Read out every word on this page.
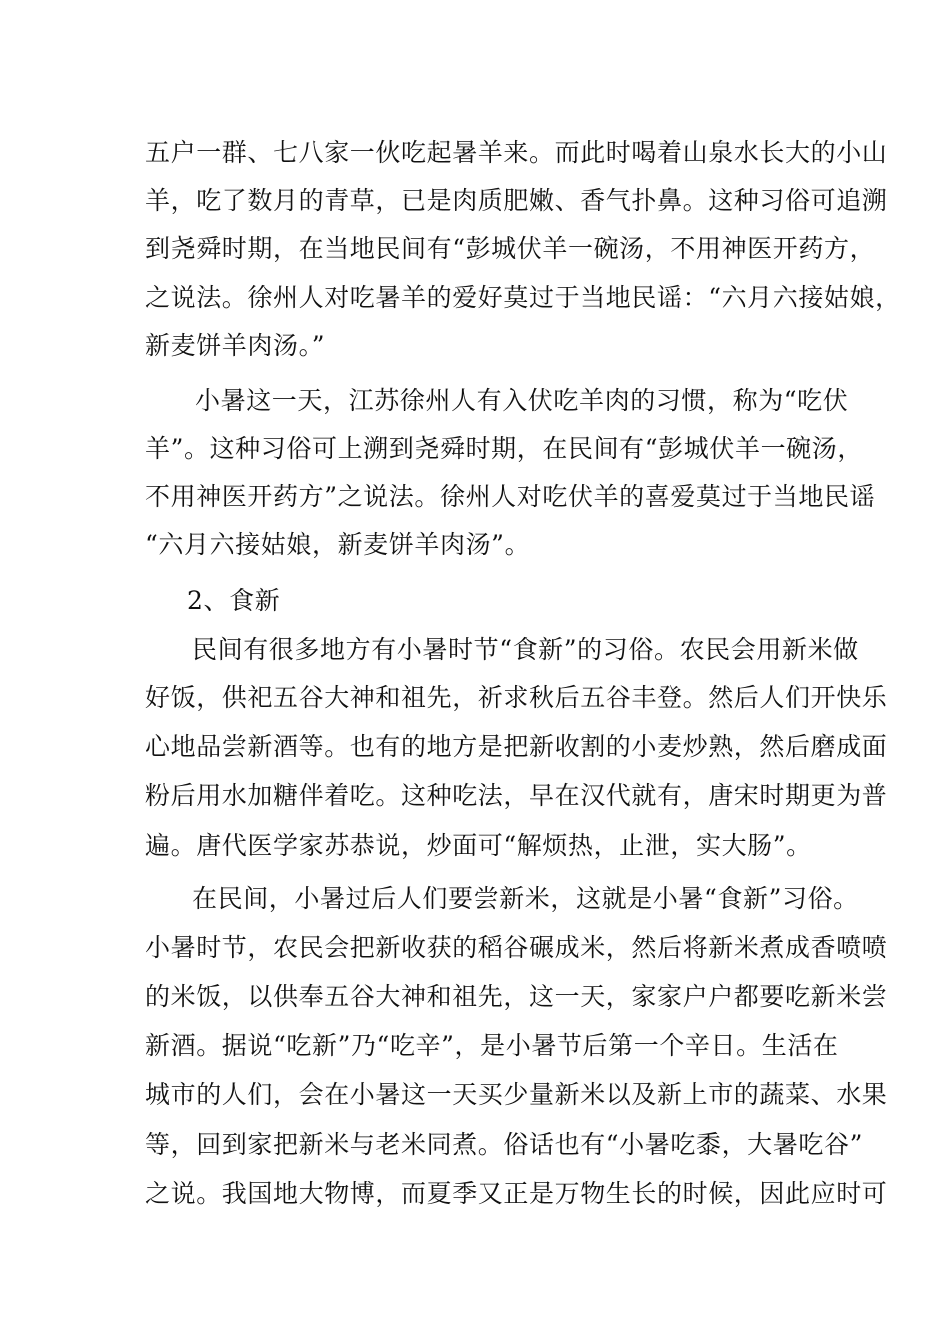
五户一群、七八家一伙吃起暑羊来。而此时喝着山泉水长大的小山
羊，吃了数月的青草，已是肉质肥嫩、香气扑鼻。这种习俗可追溯
到尧舜时期，在当地民间有“彭城伏羊一碗汤，不用神医开药方，
之说法。徐州人对吃暑羊的爱好莫过于当地民谣：“六月六接姑娘，
新麦饼羊肉汤。”
小暑这一天，江苏徐州人有入伏吃羊肉的习惯，称为“吃伏
羊”。这种习俗可上溯到尧舜时期，在民间有“彭城伏羊一碗汤，
不用神医开药方”之说法。徐州人对吃伏羊的喜爱莫过于当地民谣
“六月六接姑娘，新麦饼羊肉汤”。
2、食新
民间有很多地方有小暑时节“食新”的习俗。农民会用新米做
好饭，供祀五谷大神和祖先，祈求秋后五谷丰登。然后人们开快乐
心地品尝新酒等。也有的地方是把新收割的小麦炒熟，然后磨成面
粉后用水加糖伴着吃。这种吃法，早在汉代就有，唐宋时期更为普
遍。唐代医学家苏恭说，炒面可“解烦热，止泄，实大肠”。
在民间，小暑过后人们要尝新米，这就是小暑“食新”习俗。
小暑时节，农民会把新收获的稻谷碾成米，然后将新米煮成香喷喷
的米饭，以供奉五谷大神和祖先，这一天，家家户户都要吃新米尝
新酒。据说“吃新”乃“吃辛”，是小暑节后第一个辛日。生活在
城市的人们，会在小暑这一天买少量新米以及新上市的蔬菜、水果
等，回到家把新米与老米同煮。俗话也有“小暑吃黍，大暑吃谷”
之说。我国地大物博，而夏季又正是万物生长的时候，因此应时可
